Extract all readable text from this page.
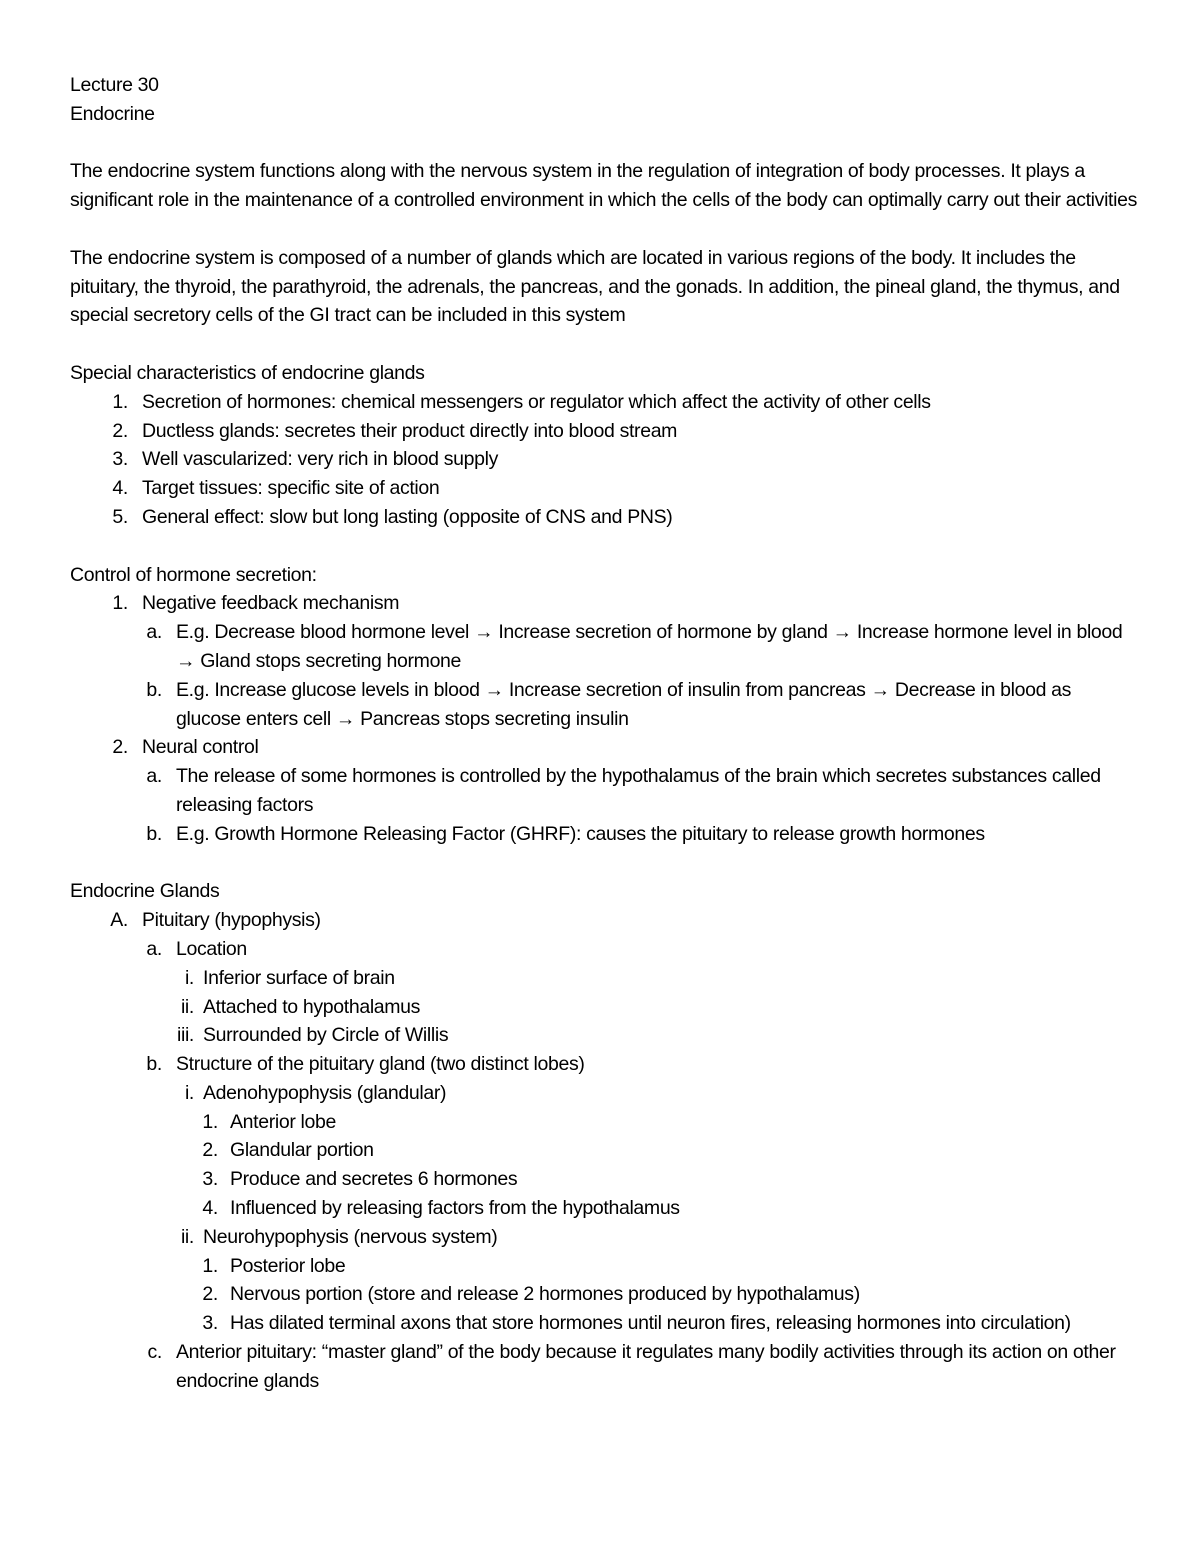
Lecture 30
Endocrine
The endocrine system functions along with the nervous system in the regulation of integration of body processes. It plays a significant role in the maintenance of a controlled environment in which the cells of the body can optimally carry out their activities
The endocrine system is composed of a number of glands which are located in various regions of the body. It includes the pituitary, the thyroid, the parathyroid, the adrenals, the pancreas, and the gonads. In addition, the pineal gland, the thymus, and special secretory cells of the GI tract can be included in this system
Special characteristics of endocrine glands
1. Secretion of hormones: chemical messengers or regulator which affect the activity of other cells
2. Ductless glands: secretes their product directly into blood stream
3. Well vascularized: very rich in blood supply
4. Target tissues: specific site of action
5. General effect: slow but long lasting (opposite of CNS and PNS)
Control of hormone secretion:
1. Negative feedback mechanism
a. E.g. Decrease blood hormone level → Increase secretion of hormone by gland → Increase hormone level in blood → Gland stops secreting hormone
b. E.g. Increase glucose levels in blood → Increase secretion of insulin from pancreas → Decrease in blood as glucose enters cell → Pancreas stops secreting insulin
2. Neural control
a. The release of some hormones is controlled by the hypothalamus of the brain which secretes substances called releasing factors
b. E.g. Growth Hormone Releasing Factor (GHRF): causes the pituitary to release growth hormones
Endocrine Glands
A. Pituitary (hypophysis)
a. Location
i. Inferior surface of brain
ii. Attached to hypothalamus
iii. Surrounded by Circle of Willis
b. Structure of the pituitary gland (two distinct lobes)
i. Adenohypophysis (glandular)
1. Anterior lobe
2. Glandular portion
3. Produce and secretes 6 hormones
4. Influenced by releasing factors from the hypothalamus
ii. Neurohypophysis (nervous system)
1. Posterior lobe
2. Nervous portion (store and release 2 hormones produced by hypothalamus)
3. Has dilated terminal axons that store hormones until neuron fires, releasing hormones into circulation)
c. Anterior pituitary: “master gland” of the body because it regulates many bodily activities through its action on other endocrine glands
